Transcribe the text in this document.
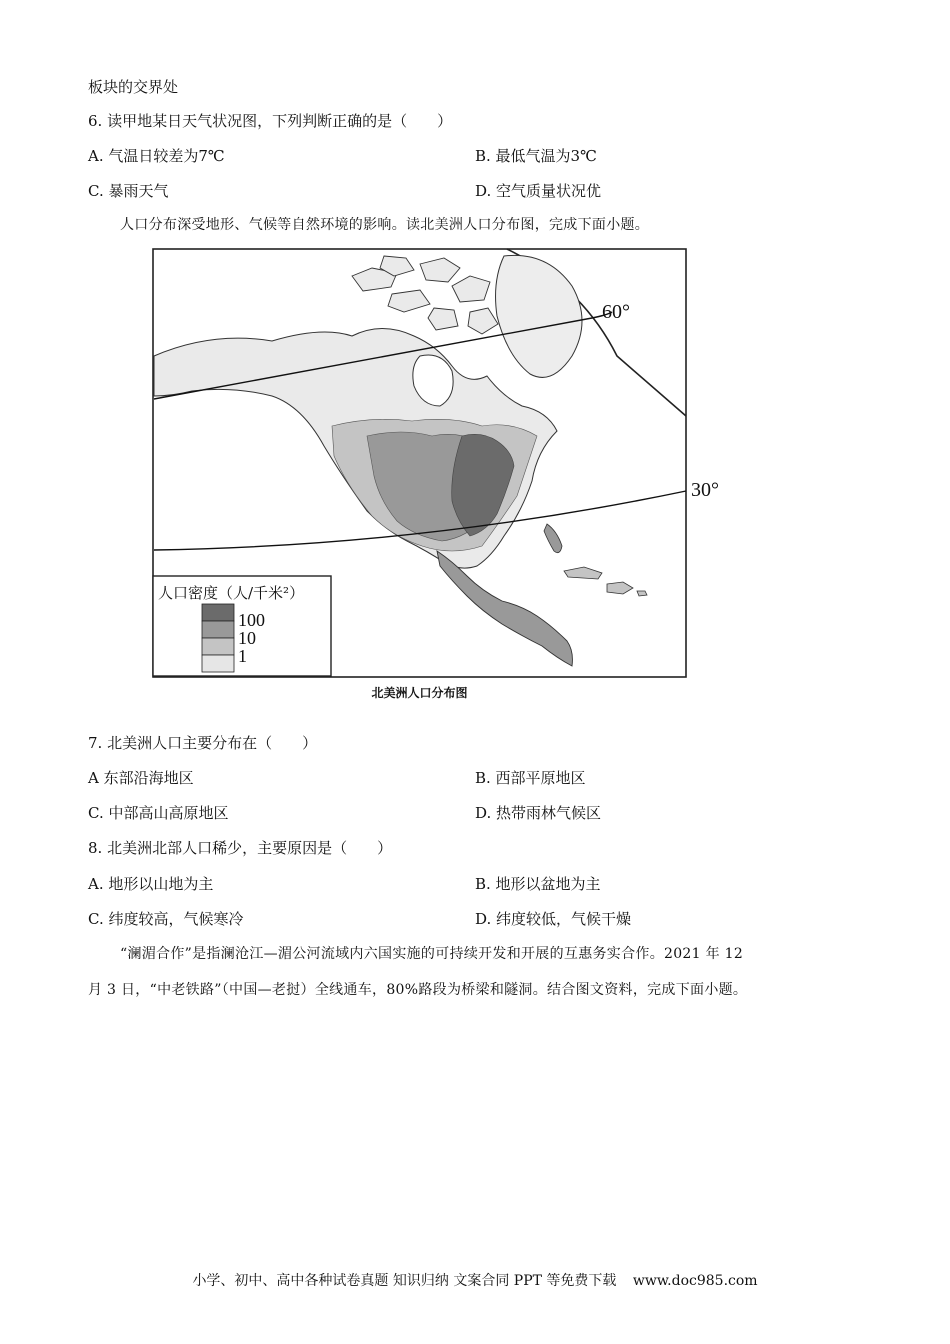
板块的交界处
6. 读甲地某日天气状况图，下列判断正确的是（　　）
A. 气温日较差为7℃	B. 最低气温为3℃
C. 暴雨天气	D. 空气质量状况优
人口分布深受地形、气候等自然环境的影响。读北美洲人口分布图，完成下面小题。
60°
30°
人口密度（人/千米²）
100
10
1
北美洲人口分布图
7. 北美洲人口主要分布在（　　）
A 东部沿海地区	B. 西部平原地区
C. 中部高山高原地区	D. 热带雨林气候区
8. 北美洲北部人口稀少，主要原因是（　　）
A. 地形以山地为主	B. 地形以盆地为主
C. 纬度较高，气候寒冷	D. 纬度较低，气候干燥
“澜湄合作”是指澜沧江—湄公河流域内六国实施的可持续开发和开展的互惠务实合作。2021 年 12
月 3 日，“中老铁路”（中国—老挝）全线通车，80%路段为桥梁和隧洞。结合图文资料，完成下面小题。
小学、初中、高中各种试卷真题 知识归纳 文案合同 PPT 等免费下载 www.doc985.com
